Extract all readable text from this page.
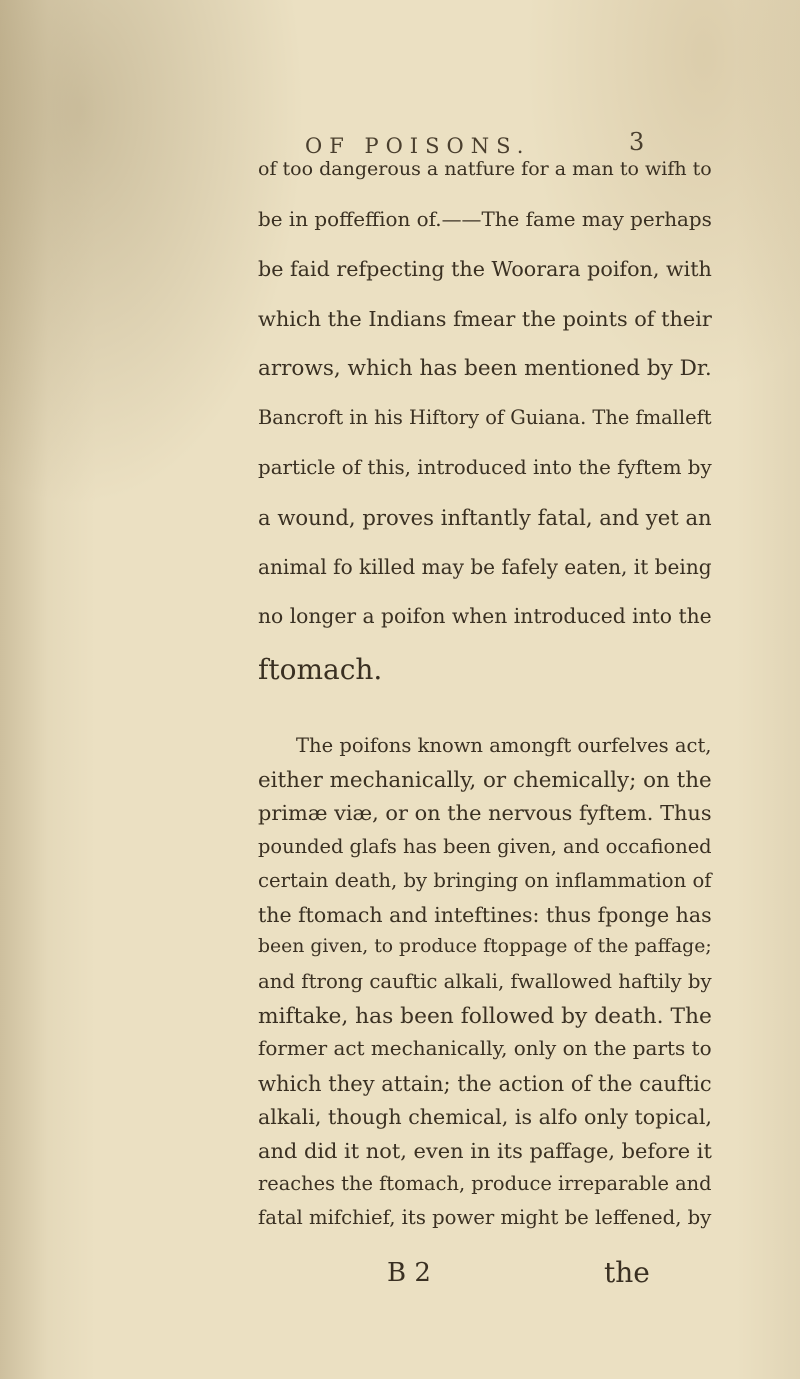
OF POISONS.	3
of too dangerous a natfure for a man to wifh to
be in poffeffion of.——The fame may perhaps
be faid refpecting the Woorara poifon, with
which the Indians fmear the points of their
arrows, which has been mentioned by Dr.
Bancroft in his Hiftory of Guiana. The fmalleft
particle of this, introduced into the fyftem by
a wound, proves inftantly fatal, and yet an
animal fo killed may be fafely eaten, it being
no longer a poifon when introduced into the
ftomach.
The poifons known amongft ourfelves act,
either mechanically, or chemically; on the
primæ viæ, or on the nervous fyftem. Thus
pounded glafs has been given, and occafioned
certain death, by bringing on inflammation of
the ftomach and inteftines: thus fponge has
been given, to produce ftoppage of the paffage;
and ftrong cauftic alkali, fwallowed haftily by
miftake, has been followed by death. The
former act mechanically, only on the parts to
which they attain; the action of the cauftic
alkali, though chemical, is alfo only topical,
and did it not, even in its paffage, before it
reaches the ftomach, produce irreparable and
fatal mifchief, its power might be leffened, by
B 2	the
